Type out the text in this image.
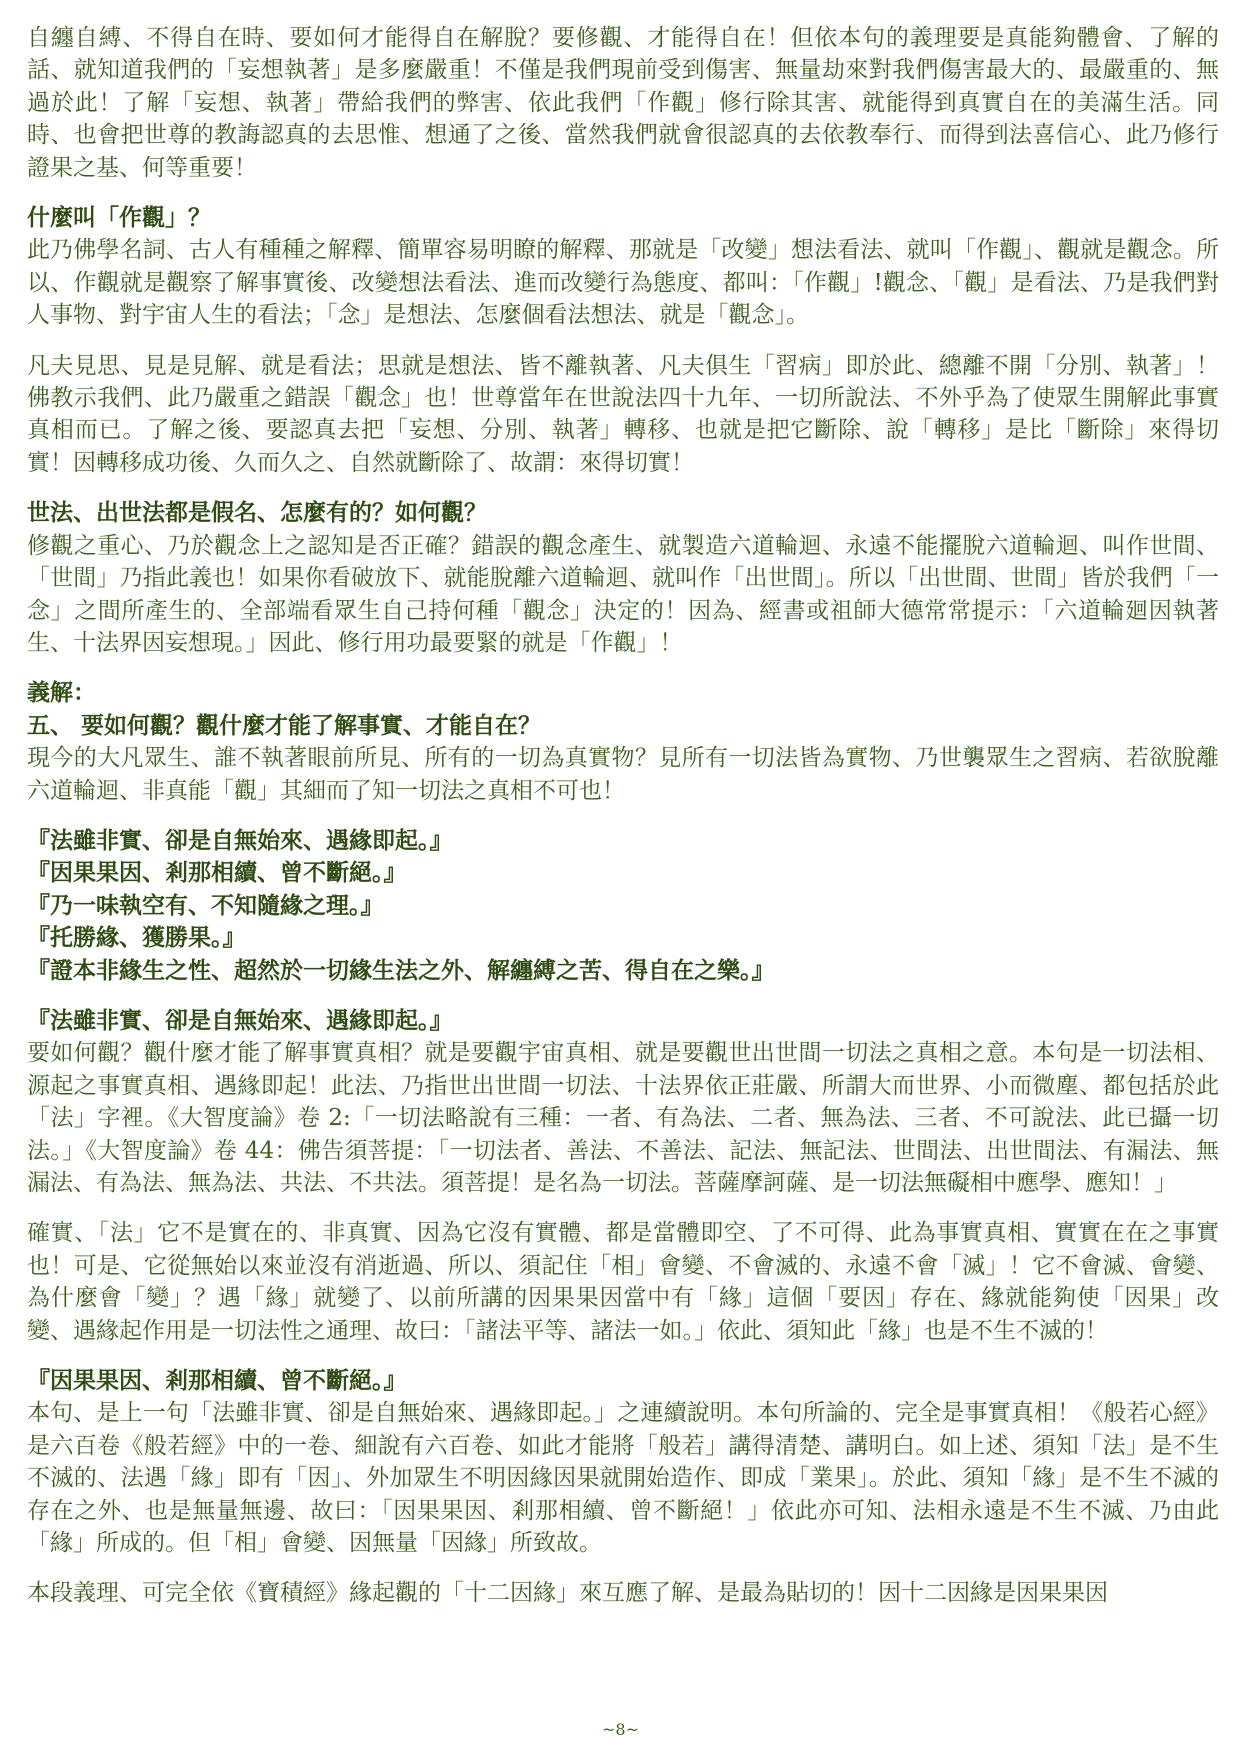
自纏自縛、不得自在時、要如何才能得自在解脫？要修觀、才能得自在！但依本句的義理要是真能夠體會、了解的話、就知道我們的「妄想執著」是多麼嚴重！不僅是我們現前受到傷害、無量劫來對我們傷害最大的、最嚴重的、無過於此！了解「妄想、執著」帶給我們的弊害、依此我們「作觀」修行除其害、就能得到真實自在的美滿生活。同時、也會把世尊的教誨認真的去思惟、想通了之後、當然我們就會很認真的去依教奉行、而得到法喜信心、此乃修行證果之基、何等重要！

什麼叫「作觀」？

此乃佛學名詞、古人有種種之解釋、簡單容易明瞭的解釋、那就是「改變」想法看法、就叫「作觀」、觀就是觀念。所以、作觀就是觀察了解事實後、改變想法看法、進而改變行為態度、都叫：「作觀」!觀念、「觀」是看法、乃是我們對人事物、對宇宙人生的看法；「念」是想法、怎麼個看法想法、就是「觀念」。

凡夫見思、見是見解、就是看法；思就是想法、皆不離執著、凡夫俱生「習病」即於此、總離不開「分別、執著」！佛教示我們、此乃嚴重之錯誤「觀念」也！世尊當年在世說法四十九年、一切所說法、不外乎為了使眾生開解此事實真相而已。了解之後、要認真去把「妄想、分別、執著」轉移、也就是把它斷除、說「轉移」是比「斷除」來得切實！因轉移成功後、久而久之、自然就斷除了、故謂：來得切實！

世法、出世法都是假名、怎麼有的？如何觀？

修觀之重心、乃於觀念上之認知是否正確？錯誤的觀念產生、就製造六道輪迴、永遠不能擺脫六道輪迴、叫作世間、「世間」乃指此義也！如果你看破放下、就能脫離六道輪迴、就叫作「出世間」。所以「出世間、世間」皆於我們「一念」之間所產生的、全部端看眾生自己持何種「觀念」決定的！因為、經書或祖師大德常常提示：「六道輪廻因執著生、十法界因妄想現。」因此、修行用功最要緊的就是「作觀」！

義解：

五、 要如何觀？觀什麼才能了解事實、才能自在？

現今的大凡眾生、誰不執著眼前所見、所有的一切為真實物？見所有一切法皆為實物、乃世襲眾生之習病、若欲脫離六道輪迴、非真能「觀」其細而了知一切法之真相不可也！

『法雖非實、卻是自無始來、遇緣即起。』

『因果果因、剎那相續、曾不斷絕。』

『乃一味執空有、不知隨緣之理。』

『托勝緣、獲勝果。』

『證本非緣生之性、超然於一切緣生法之外、解纏縛之苦、得自在之樂。』

『法雖非實、卻是自無始來、遇緣即起。』

要如何觀？觀什麼才能了解事實真相？就是要觀宇宙真相、就是要觀世出世間一切法之真相之意。本句是一切法相、源起之事實真相、遇緣即起！此法、乃指世出世間一切法、十法界依正莊嚴、所謂大而世界、小而微塵、都包括於此「法」字裡。《大智度論》卷 2:「一切法略說有三種：一者、有為法、二者、無為法、三者、不可說法、此已攝一切法。」《大智度論》卷 44：佛告須菩提：「一切法者、善法、不善法、記法、無記法、世間法、出世間法、有漏法、無漏法、有為法、無為法、共法、不共法。須菩提！是名為一切法。菩薩摩訶薩、是一切法無礙相中應學、應知！」

確實、「法」它不是實在的、非真實、因為它沒有實體、都是當體即空、了不可得、此為事實真相、實實在在之事實也！可是、它從無始以來並沒有消逝過、所以、須記住「相」會變、不會滅的、永遠不會「滅」！它不會滅、會變、為什麼會「變」？遇「緣」就變了、以前所講的因果果因當中有「緣」這個「要因」存在、緣就能夠使「因果」改變、遇緣起作用是一切法性之通理、故曰：「諸法平等、諸法一如。」依此、須知此「緣」也是不生不滅的！

『因果果因、剎那相續、曾不斷絕。』

本句、是上一句「法雖非實、卻是自無始來、遇緣即起。」之連續說明。本句所論的、完全是事實真相！《般若心經》是六百卷《般若經》中的一卷、細說有六百卷、如此才能將「般若」講得清楚、講明白。如上述、須知「法」是不生不滅的、法遇「緣」即有「因」、外加眾生不明因緣因果就開始造作、即成「業果」。於此、須知「緣」是不生不滅的存在之外、也是無量無邊、故曰：「因果果因、剎那相續、曾不斷絕！」依此亦可知、法相永遠是不生不滅、乃由此「緣」所成的。但「相」會變、因無量「因緣」所致故。

本段義理、可完全依《寶積經》緣起觀的「十二因緣」來互應了解、是最為貼切的！因十二因緣是因果果因

~8~
